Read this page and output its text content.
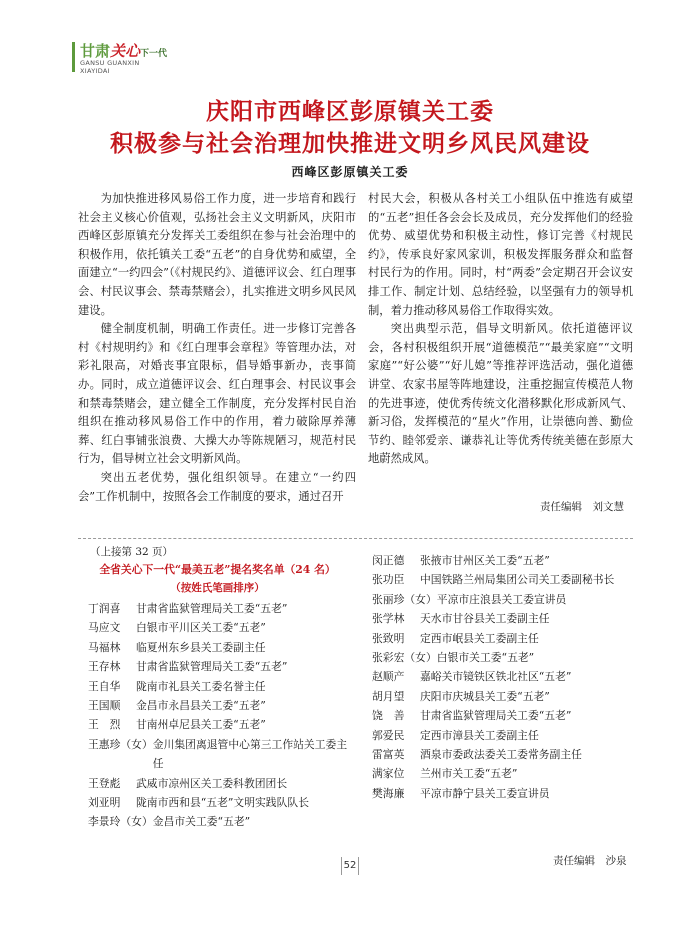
甘肃关心下一代
GANSU GUANXIN
XIAYIDAI
庆阳市西峰区彭原镇关工委
积极参与社会治理加快推进文明乡风民风建设
西峰区彭原镇关工委

为加快推进移风易俗工作力度，进一步培育和践行社会主义核心价值观，弘扬社会主义文明新风，庆阳市西峰区彭原镇充分发挥关工委组织在参与社会治理中的积极作用，依托镇关工委“五老”的自身优势和威望，全面建立“一约四会”（《村规民约》、道德评议会、红白理事会、村民议事会、禁毒禁赌会），扎实推进文明乡风民风建设。

健全制度机制，明确工作责任。进一步修订完善各村《村规明约》和《红白理事会章程》等管理办法，对彩礼限高，对婚丧事宜限标，倡导婚事新办，丧事简办。同时，成立道德评议会、红白理事会、村民议事会和禁毒禁赌会，建立健全工作制度，充分发挥村民自治组织在推动移风易俗工作中的作用，着力破除厚养薄葬、红白事铺张浪费、大操大办等陈规陋习，规范村民行为，倡导树立社会文明新风尚。

突出五老优势，强化组织领导。在建立“一约四会”工作机制中，按照各会工作制度的要求，通过召开

村民大会，积极从各村关工小组队伍中推选有威望的“五老”担任各会会长及成员，充分发挥他们的经验优势、威望优势和积极主动性，修订完善《村规民约》，传承良好家风家训，积极发挥服务群众和监督村民行为的作用。同时，村“两委”会定期召开会议安排工作、制定计划、总结经验，以坚强有力的领导机制，着力推动移风易俗工作取得实效。

突出典型示范，倡导文明新风。依托道德评议会，各村积极组织开展“道德模范”“最美家庭”“文明家庭”“好公婆”“好儿媳”等推荐评选活动，强化道德讲堂、农家书屋等阵地建设，注重挖掘宣传模范人物的先进事迹，使优秀传统文化潜移默化形成新风气、新习俗，发挥模范的“星火”作用，让崇德向善、勤俭节约、睦邻爱亲、谦恭礼让等优秀传统美德在彭原大地蔚然成风。

责任编辑　刘文慧
（上接第 32 页）
全省关心下一代“最美五老”提名奖名单（24 名）
（按姓氏笔画排序）
丁润喜	甘肃省监狱管理局关工委“五老”
马应文	白银市平川区关工委“五老”
马福林	临夏州东乡县关工委副主任
王存林	甘肃省监狱管理局关工委“五老”
王自华	陇南市礼县关工委名誉主任
王国顺	金昌市永昌县关工委“五老”
王　烈	甘南州卓尼县关工委“五老”
王惠珍（女） 金川集团离退管中心第三工作站关工委主任
王登彪	武威市凉州区关工委科教团团长
刘亚明	陇南市西和县“五老”文明实践队队长
李景玲（女） 金昌市关工委“五老”
闵正德	张掖市甘州区关工委“五老”
张功臣	中国铁路兰州局集团公司关工委副秘书长
张丽珍（女） 平凉市庄浪县关工委宣讲员
张学林	天水市甘谷县关工委副主任
张致明	定西市岷县关工委副主任
张彩宏（女） 白银市关工委“五老”
赵顺产	嘉峪关市镜铁区铁北社区“五老”
胡月望	庆阳市庆城县关工委“五老”
饶　善	甘肃省监狱管理局关工委“五老”
郭爱民	定西市漳县关工委副主任
雷富英	酒泉市委政法委关工委常务副主任
满家位	兰州市关工委“五老”
樊海廉	平凉市静宁县关工委宣讲员
责任编辑　沙泉
52
